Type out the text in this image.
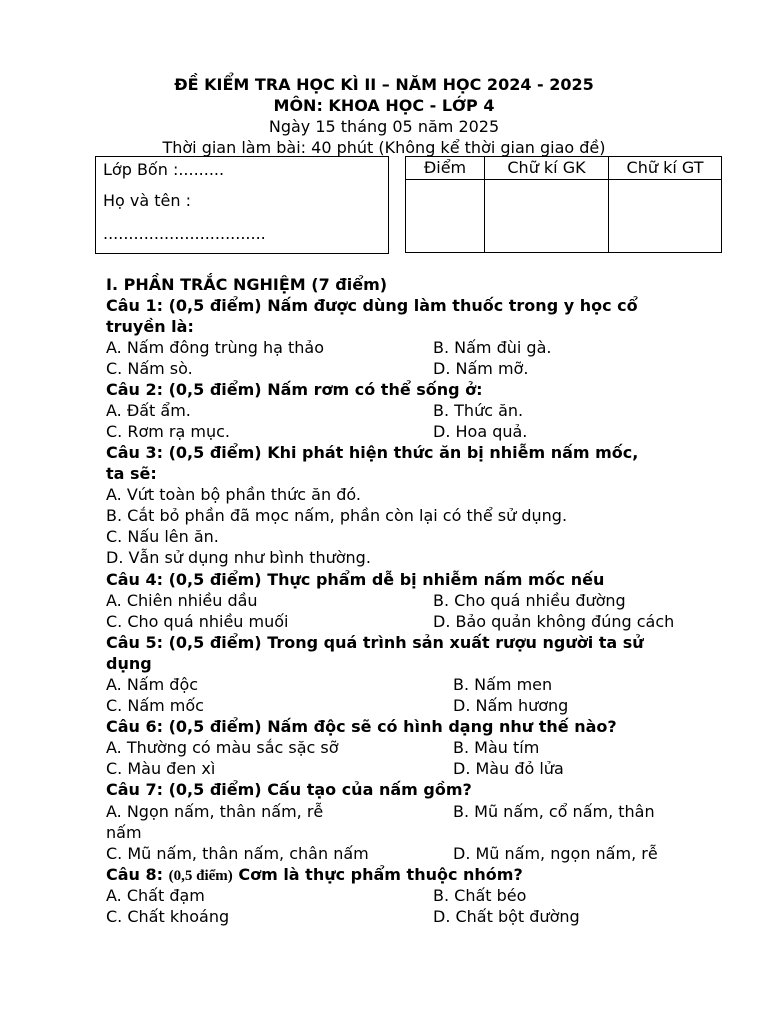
ĐỀ KIỂM TRA HỌC KÌ II – NĂM HỌC 2024 - 2025
MÔN: KHOA HỌC - LỚP 4
Ngày 15 tháng 05 năm 2025
Thời gian làm bài: 40 phút (Không kể thời gian giao đề)
Lớp Bốn :.........
Họ và tên :
................................
Điểm	Chữ kí GK	Chữ kí GT

I. PHẦN TRẮC NGHIỆM (7 điểm)
Câu 1: (0,5 điểm) Nấm được dùng làm thuốc trong y học cổ
truyền là:
A. Nấm đông trùng hạ thảo	B. Nấm đùi gà.
C. Nấm sò.	D. Nấm mỡ.
Câu 2: (0,5 điểm) Nấm rơm có thể sống ở:
A. Đất ẩm.	B. Thức ăn.
C. Rơm rạ mục.	D. Hoa quả.
Câu 3: (0,5 điểm) Khi phát hiện thức ăn bị nhiễm nấm mốc,
ta sẽ:
A. Vứt toàn bộ phần thức ăn đó.
B. Cắt bỏ phần đã mọc nấm, phần còn lại có thể sử dụng.
C. Nấu lên ăn.
D. Vẫn sử dụng như bình thường.
Câu 4: (0,5 điểm) Thực phẩm dễ bị nhiễm nấm mốc nếu
A. Chiên nhiều dầu	B. Cho quá nhiều đường
C. Cho quá nhiều muối	D. Bảo quản không đúng cách
Câu 5: (0,5 điểm) Trong quá trình sản xuất rượu người ta sử
dụng
A. Nấm độc	B. Nấm men
C. Nấm mốc	D. Nấm hương
Câu 6: (0,5 điểm) Nấm độc sẽ có hình dạng như thế nào?
A. Thường có màu sắc sặc sỡ	B. Màu tím
C. Màu đen xì	D. Màu đỏ lửa
Câu 7: (0,5 điểm) Cấu tạo của nấm gồm?
A. Ngọn nấm, thân nấm, rễ
nấm
B. Mũ nấm, cổ nấm, thân
C. Mũ nấm, thân nấm, chân nấm	D. Mũ nấm, ngọn nấm, rễ
Câu 8: (0,5 điểm) Cơm là thực phẩm thuộc nhóm?
A. Chất đạm	B. Chất béo
C. Chất khoáng	D. Chất bột đường
